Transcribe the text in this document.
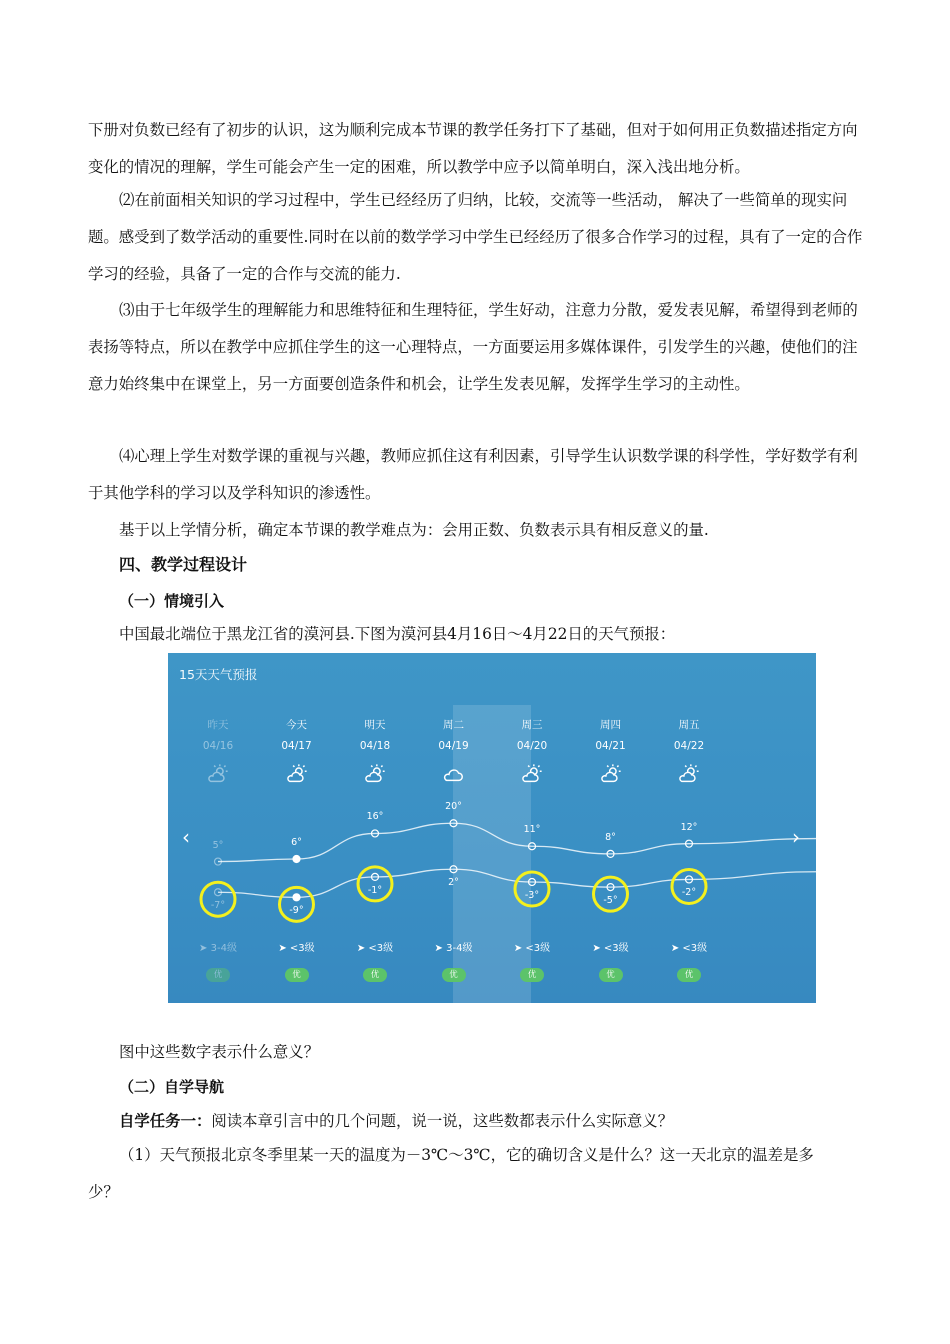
下册对负数已经有了初步的认识，这为顺利完成本节课的教学任务打下了基础，但对于如何用正负数描述指定方向变化的情况的理解，学生可能会产生一定的困难，所以教学中应予以简单明白，深入浅出地分析。

⑵在前面相关知识的学习过程中，学生已经经历了归纳，比较，交流等一些活动， 解决了一些简单的现实问题。感受到了数学活动的重要性.同时在以前的数学学习中学生已经经历了很多合作学习的过程，具有了一定的合作学习的经验，具备了一定的合作与交流的能力.

⑶由于七年级学生的理解能力和思维特征和生理特征，学生好动，注意力分散，爱发表见解，希望得到老师的表扬等特点，所以在教学中应抓住学生的这一心理特点，一方面要运用多媒体课件，引发学生的兴趣，使他们的注意力始终集中在课堂上，另一方面要创造条件和机会，让学生发表见解，发挥学生学习的主动性。

⑷心理上学生对数学课的重视与兴趣，教师应抓住这有利因素，引导学生认识数学课的科学性，学好数学有利于其他学科的学习以及学科知识的渗透性。

基于以上学情分析，确定本节课的教学难点为：会用正数、负数表示具有相反意义的量.

四、教学过程设计
（一）情境引入
中国最北端位于黑龙江省的漠河县.下图为漠河县4月16日～4月22日的天气预报：
15天天气预报
‹	›
昨天
04/16
➤ 3-4级
优
今天
04/17
➤ <3级
优
明天
04/18
➤ <3级
优
周二
04/19
➤ 3-4级
优
周三
04/20
➤ <3级
优
周四
04/21
➤ <3级
优
周五
04/22
➤ <3级
优
5°
-7°
6°
-9°
16°
-1°
20°
2°
11°
-3°
8°
-5°
12°
-2°
图中这些数字表示什么意义？
（二）自学导航
自学任务一：阅读本章引言中的几个问题，说一说，这些数都表示什么实际意义？
（1）天气预报北京冬季里某一天的温度为－3℃～3℃，它的确切含义是什么？这一天北京的温差是多
少？
